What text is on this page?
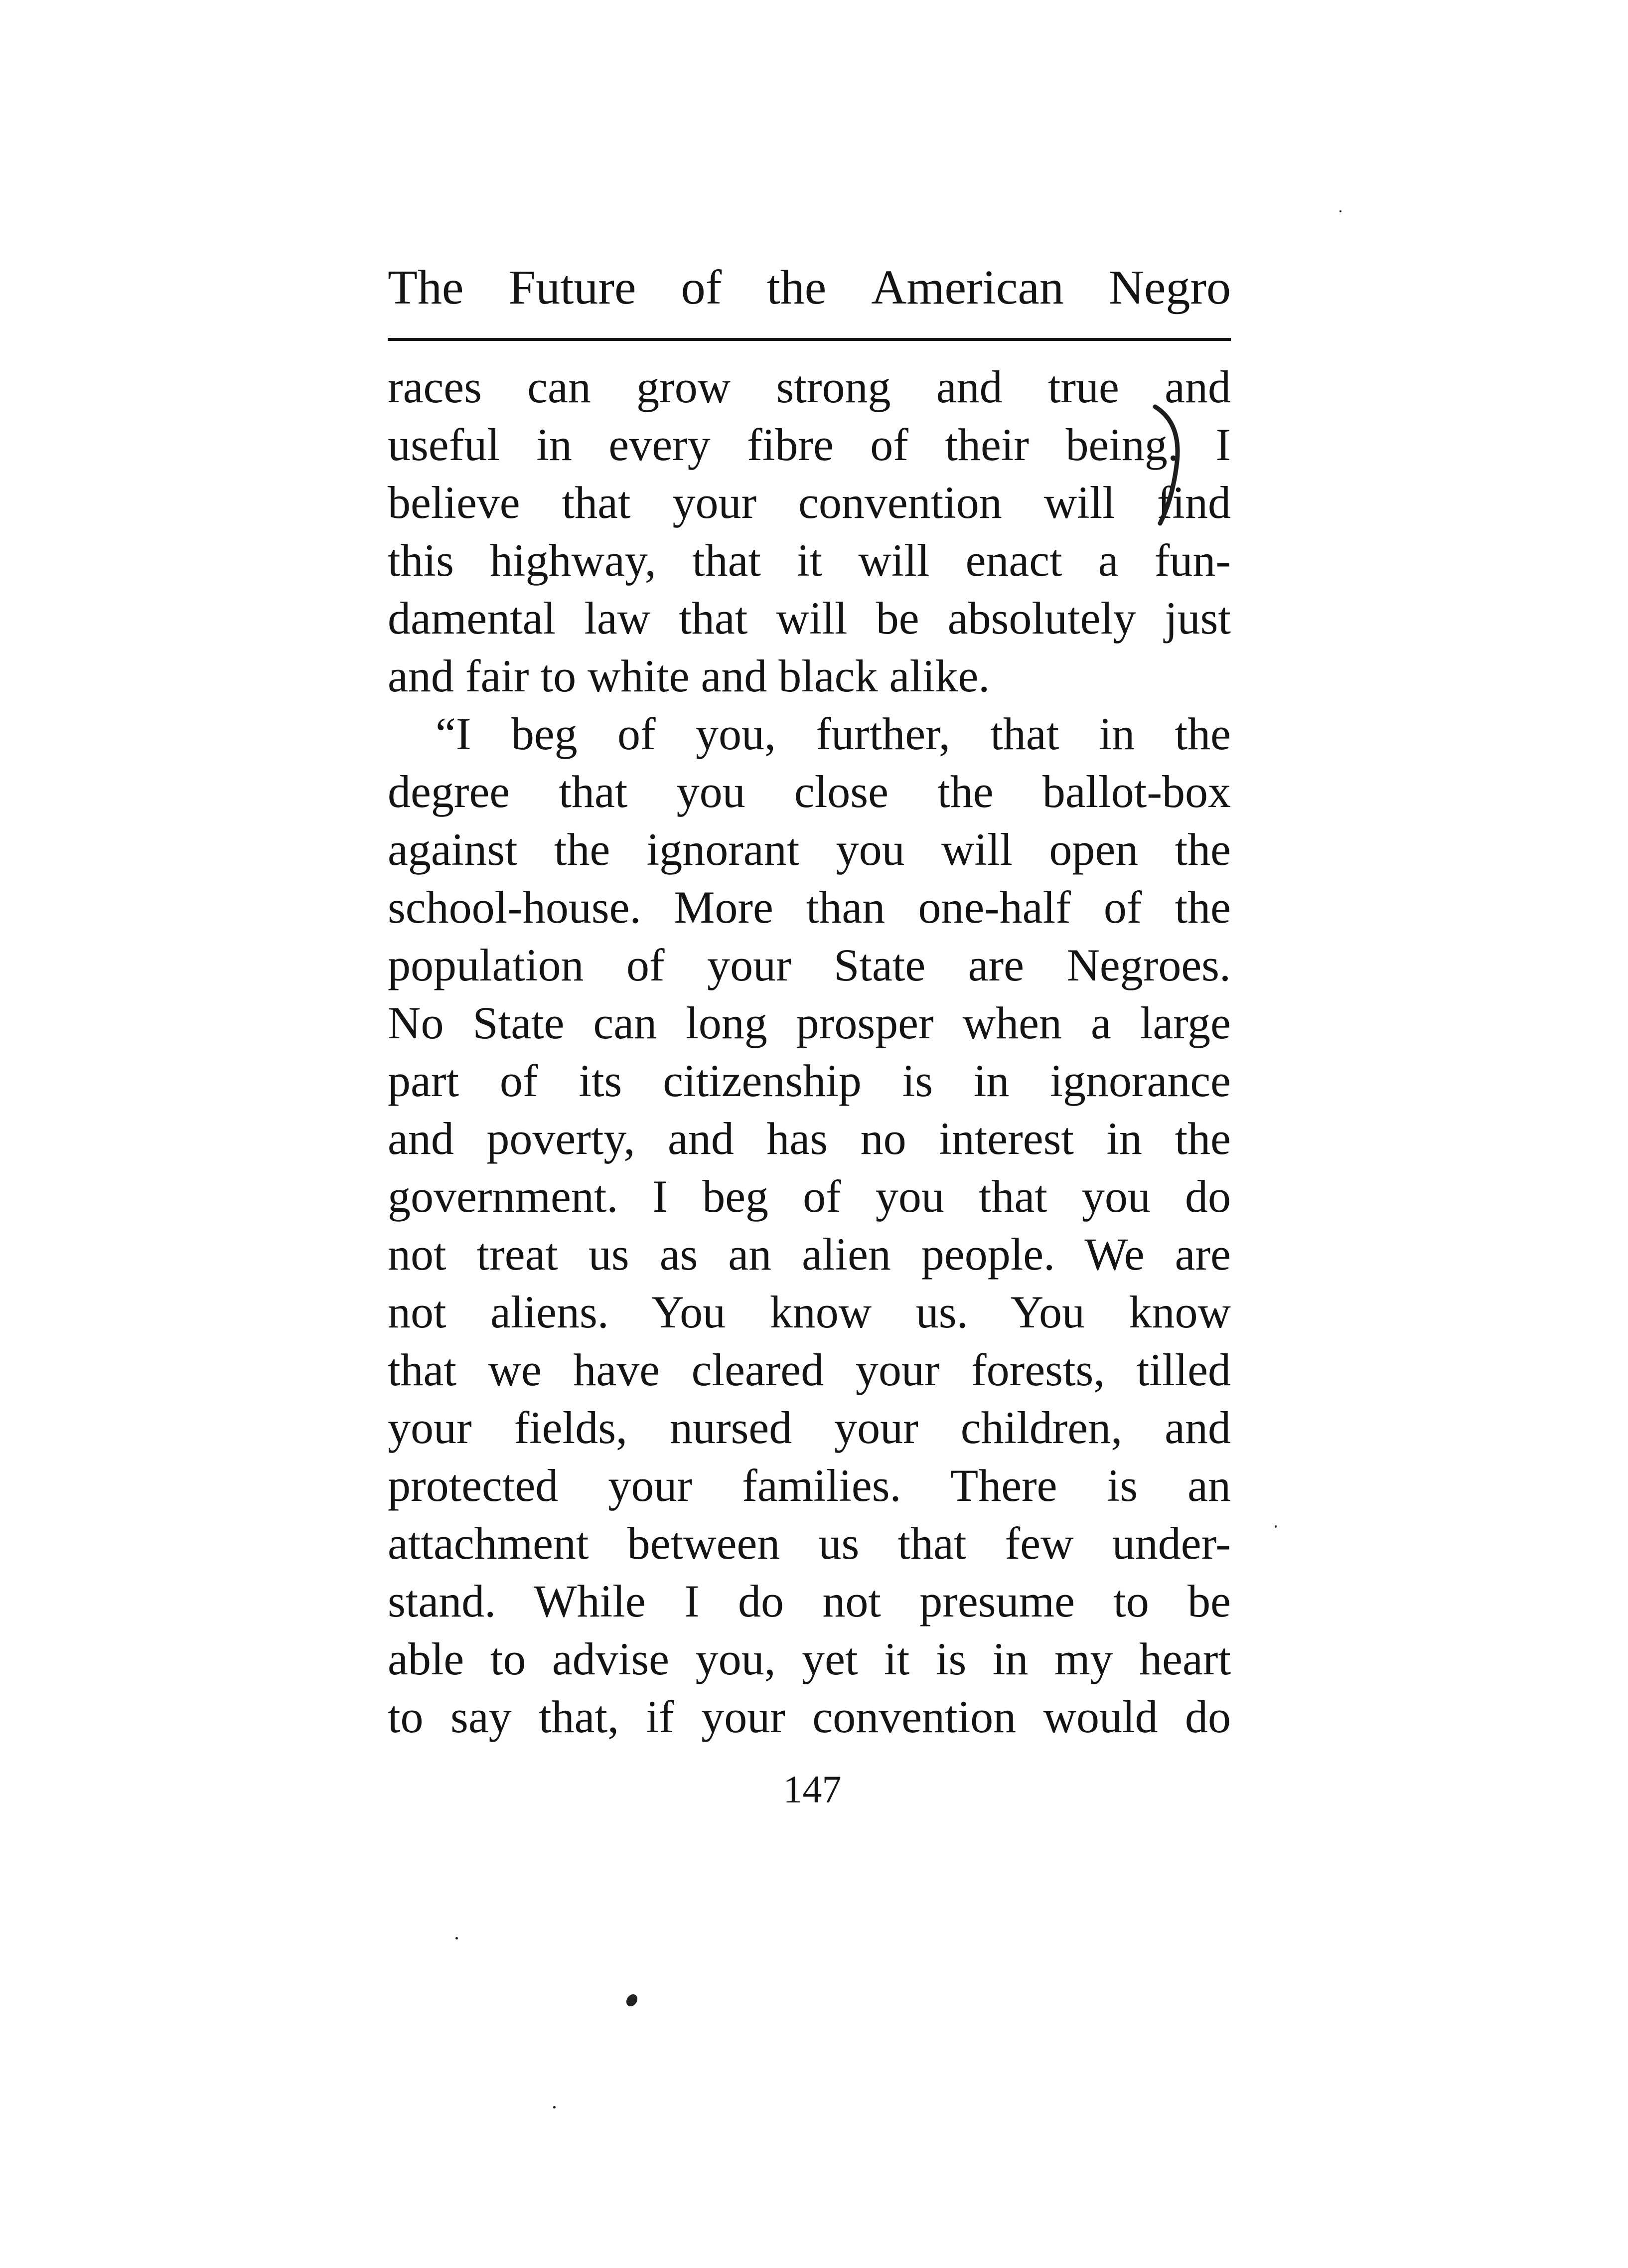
The Future of the American Negro
races can grow strong and true and
useful in every fibre of their being. I
believe that your convention will find
this highway, that it will enact a fun-
damental law that will be absolutely just
and fair to white and black alike.
“I beg of you, further, that in the
degree that you close the ballot-box
against the ignorant you will open the
school-house. More than one-half of the
population of your State are Negroes.
No State can long prosper when a large
part of its citizenship is in ignorance
and poverty, and has no interest in the
government. I beg of you that you do
not treat us as an alien people. We are
not aliens. You know us. You know
that we have cleared your forests, tilled
your fields, nursed your children, and
protected your families. There is an
attachment between us that few under-
stand. While I do not presume to be
able to advise you, yet it is in my heart
to say that, if your convention would do
147
